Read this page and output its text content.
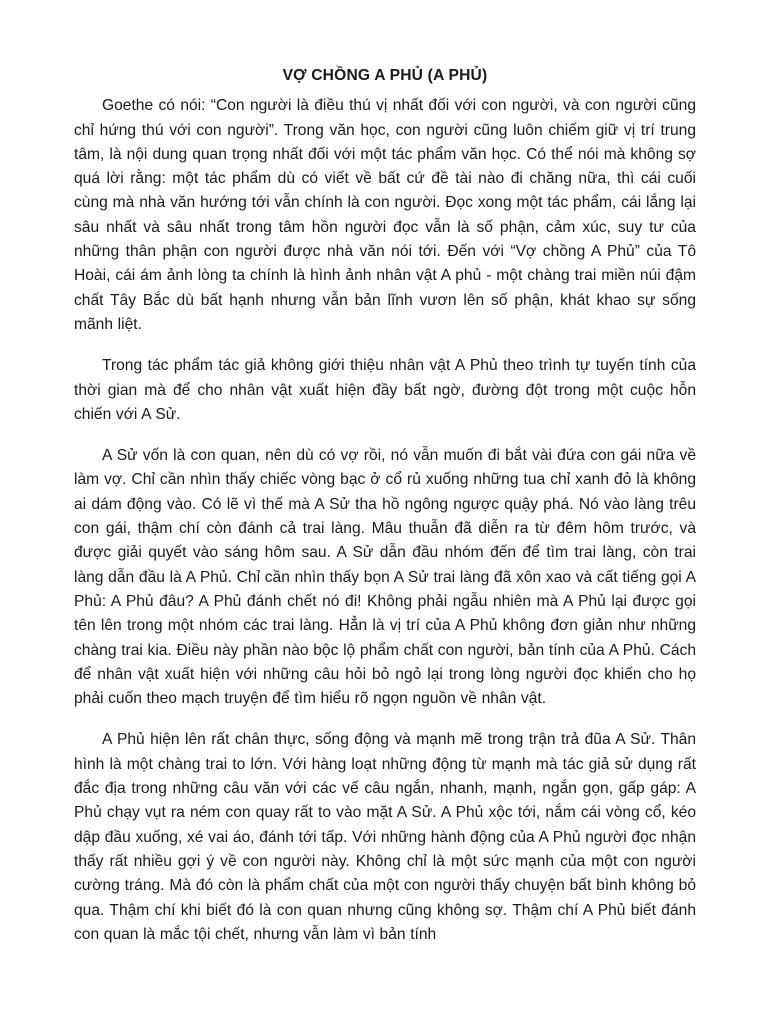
VỢ CHỒNG A PHỦ (A PHỦ)

Goethe có nói: “Con người là điều thú vị nhất đối với con người, và con người cũng chỉ hứng thú với con người”. Trong văn học, con người cũng luôn chiếm giữ vị trí trung tâm, là nội dung quan trọng nhất đối với một tác phẩm văn học. Có thể nói mà không sợ quá lời rằng: một tác phẩm dù có viết về bất cứ đề tài nào đi chăng nữa, thì cái cuối cùng mà nhà văn hướng tới vẫn chính là con người. Đọc xong một tác phẩm, cái lắng lại sâu nhất và sâu nhất trong tâm hồn người đọc vẫn là số phận, cảm xúc, suy tư của những thân phận con người được nhà văn nói tới. Đến với “Vợ chồng A Phủ” của Tô Hoài, cái ám ảnh lòng ta chính là hình ảnh nhân vật A phủ - một chàng trai miền núi đậm chất Tây Bắc dù bất hạnh nhưng vẫn bản lĩnh vươn lên số phận, khát khao sự sống mãnh liệt.

Trong tác phẩm tác giả không giới thiệu nhân vật A Phủ theo trình tự tuyến tính của thời gian mà để cho nhân vật xuất hiện đầy bất ngờ, đường đột trong một cuộc hỗn chiến với A Sử.

A Sử vốn là con quan, nên dù có vợ rồi, nó vẫn muốn đi bắt vài đứa con gái nữa về làm vợ. Chỉ cần nhìn thấy chiếc vòng bạc ở cổ rủ xuống những tua chỉ xanh đỏ là không ai dám động vào. Có lẽ vì thế mà A Sử tha hồ ngông ngược quậy phá. Nó vào làng trêu con gái, thậm chí còn đánh cả trai làng. Mâu thuẫn đã diễn ra từ đêm hôm trước, và được giải quyết vào sáng hôm sau. A Sử dẫn đầu nhóm đến để tìm trai làng, còn trai làng dẫn đầu là A Phủ. Chỉ cần nhìn thấy bọn A Sử trai làng đã xôn xao và cất tiếng gọi A Phủ: A Phủ đâu? A Phủ đánh chết nó đi! Không phải ngẫu nhiên mà A Phủ lại được gọi tên lên trong một nhóm các trai làng. Hẳn là vị trí của A Phủ không đơn giản như những chàng trai kia. Điều này phần nào bộc lộ phẩm chất con người, bản tính của A Phủ. Cách để nhân vật xuất hiện với những câu hỏi bỏ ngỏ lại trong lòng người đọc khiến cho họ phải cuốn theo mạch truyện để tìm hiểu rõ ngọn nguồn về nhân vật.

A Phủ hiện lên rất chân thực, sống động và mạnh mẽ trong trận trả đũa A Sử. Thân hình là một chàng trai to lớn. Với hàng loạt những động từ mạnh mà tác giả sử dụng rất đắc địa trong những câu văn với các vế câu ngắn, nhanh, mạnh, ngắn gọn, gấp gáp: A Phủ chạy vụt ra ném con quay rất to vào mặt A Sử. A Phủ xộc tới, nắm cái vòng cổ, kéo dập đầu xuống, xé vai áo, đánh tới tấp. Với những hành động của A Phủ người đọc nhận thấy rất nhiều gợi ý về con người này. Không chỉ là một sức mạnh của một con người cường tráng. Mà đó còn là phẩm chất của một con người thấy chuyện bất bình không bỏ qua. Thậm chí khi biết đó là con quan nhưng cũng không sợ. Thậm chí A Phủ biết đánh con quan là mắc tội chết, nhưng vẫn làm vì bản tính
